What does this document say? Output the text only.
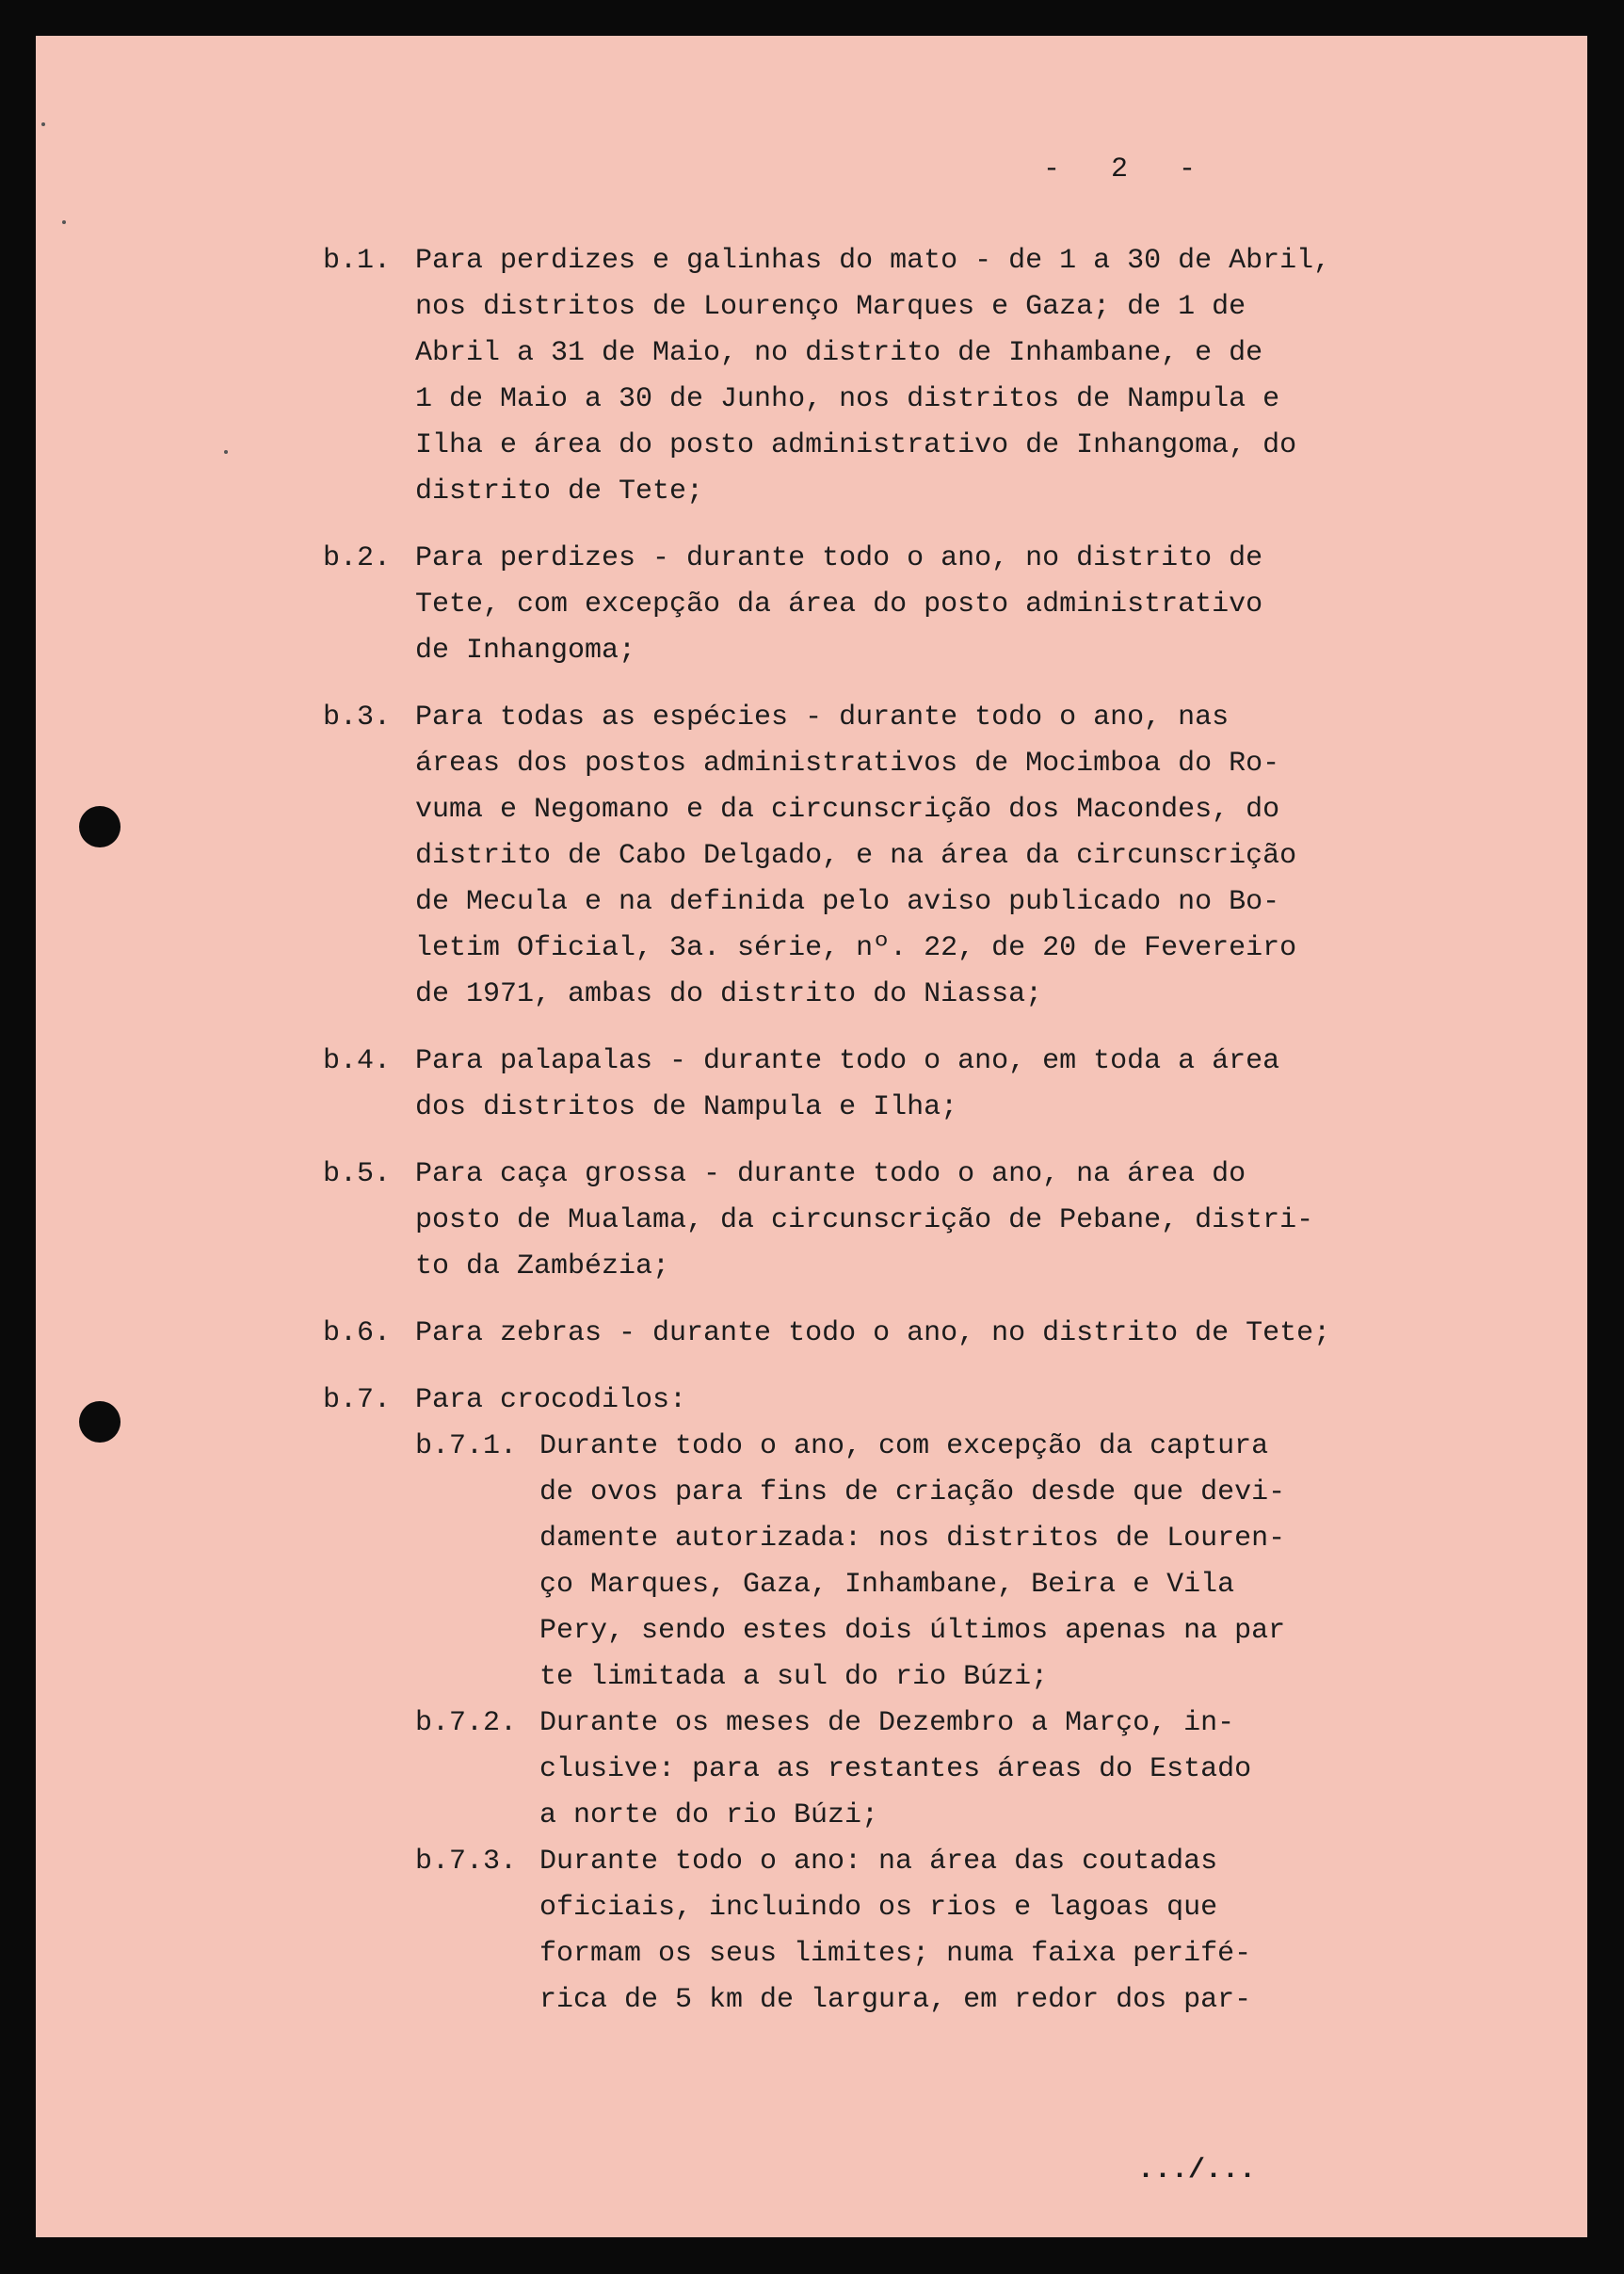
-   2   -
b.1. Para perdizes e galinhas do mato - de 1 a 30 de Abril,
nos distritos de Lourenço Marques e Gaza; de 1 de
Abril a 31 de Maio, no distrito de Inhambane, e de
1 de Maio a 30 de Junho, nos distritos de Nampula e
Ilha e área do posto administrativo de Inhangoma, do
distrito de Tete;
b.2. Para perdizes - durante todo o ano, no distrito de
Tete, com excepção da área do posto administrativo
de Inhangoma;
b.3. Para todas as espécies - durante todo o ano, nas
áreas dos postos administrativos de Mocimboa do Ro-
vuma e Negomano e da circunscrição dos Macondes, do
distrito de Cabo Delgado, e na área da circunscrição
de Mecula e na definida pelo aviso publicado no Bo-
letim Oficial, 3a. série, nº. 22, de 20 de Fevereiro
de 1971, ambas do distrito do Niassa;
b.4. Para palapalas - durante todo o ano, em toda a área
dos distritos de Nampula e Ilha;
b.5. Para caça grossa - durante todo o ano, na área do
posto de Mualama, da circunscrição de Pebane, distri-
to da Zambézia;
b.6. Para zebras - durante todo o ano, no distrito de Tete;
b.7. Para crocodilos:
b.7.1. Durante todo o ano, com excepção da captura
de ovos para fins de criação desde que devi-
damente autorizada: nos distritos de Louren-
ço Marques, Gaza, Inhambane, Beira e Vila
Pery, sendo estes dois últimos apenas na par
te limitada a sul do rio Búzi;
b.7.2. Durante os meses de Dezembro a Março, in-
clusive: para as restantes áreas do Estado
a norte do rio Búzi;
b.7.3. Durante todo o ano: na área das coutadas
oficiais, incluindo os rios e lagoas que
formam os seus limites; numa faixa perifé-
rica de 5 km de largura, em redor dos par-
.../...
